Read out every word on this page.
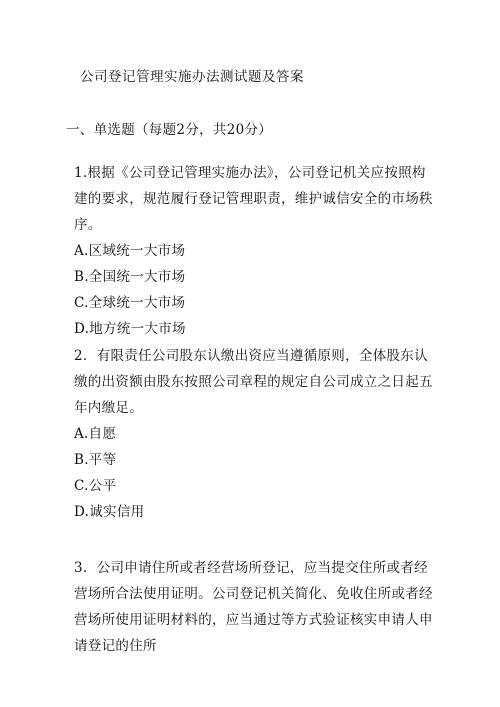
公司登记管理实施办法测试题及答案
一、单选题（每题2分，共20分）

1.根据《公司登记管理实施办法》，公司登记机关应按照构建的要求，规范履行登记管理职责，维护诚信安全的市场秩序。

A.区域统一大市场

B.全国统一大市场

C.全球统一大市场

D.地方统一大市场

2．有限责任公司股东认缴出资应当遵循原则，全体股东认缴的出资额由股东按照公司章程的规定自公司成立之日起五年内缴足。

A.自愿

B.平等

C.公平

D.诚实信用

3．公司申请住所或者经营场所登记，应当提交住所或者经营场所合法使用证明。公司登记机关简化、免收住所或者经营场所使用证明材料的，应当通过等方式验证核实申请人申请登记的住所
